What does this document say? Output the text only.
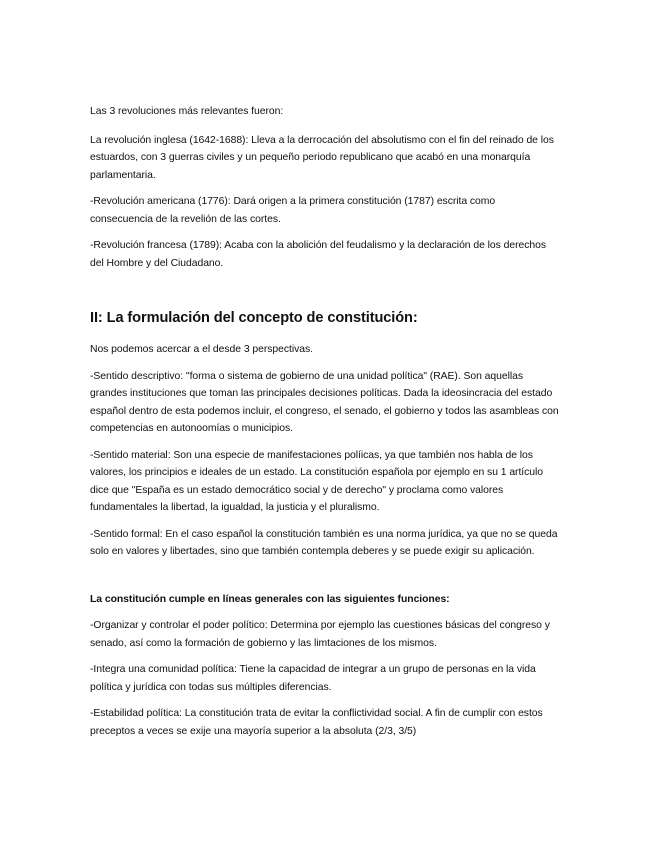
Las 3 revoluciones más relevantes fueron:

La revolución inglesa (1642-1688): Lleva a la derrocación del absolutismo con el fin del reinado de los estuardos, con 3 guerras civiles y un pequeño periodo republicano que acabó en una monarquía parlamentaria.

-Revolución americana (1776): Dará origen a la primera constitución (1787) escrita como consecuencia de la revelión de las cortes.

-Revolución francesa (1789): Acaba con la abolición del feudalismo y la declaración de los derechos del Hombre y del Ciudadano.

II: La formulación del concepto de constitución:

Nos podemos acercar a el desde 3 perspectivas.

-Sentido descriptivo: "forma o sistema de gobierno de una unidad política" (RAE). Son aquellas grandes instituciones que toman las principales decisiones políticas. Dada la ideosincracia del estado español dentro de esta podemos incluir, el congreso, el senado, el gobierno y todos las asambleas con competencias en autonoomías o municipios.

-Sentido material: Son una especie de manifestaciones políicas, ya que también nos habla de los valores, los principios e ideales de un estado. La constitución española por ejemplo en su 1 artículo dice que "España es un estado democrático social y de derecho" y proclama como valores fundamentales la libertad, la igualdad, la justicia y el pluralismo.

-Sentido formal: En el caso español la constitución también es una norma jurídica, ya que no se queda solo en valores y libertades, sino que también contempla deberes y se puede exigir su aplicación.

La constitución cumple en líneas generales con las siguientes funciones:

-Organizar y controlar el poder político: Determina por ejemplo las cuestiones básicas del congreso y senado, así como la formación de gobierno y las limtaciones de los mismos.

-Integra una comunidad política: Tiene la capacidad de integrar a un grupo de personas en la vida política y jurídica con todas sus múltiples diferencias.

-Estabilidad política: La constitución trata de evitar la conflictividad social. A fin de cumplir con estos preceptos a veces se exije una mayoría superior a la absoluta (2/3, 3/5)
